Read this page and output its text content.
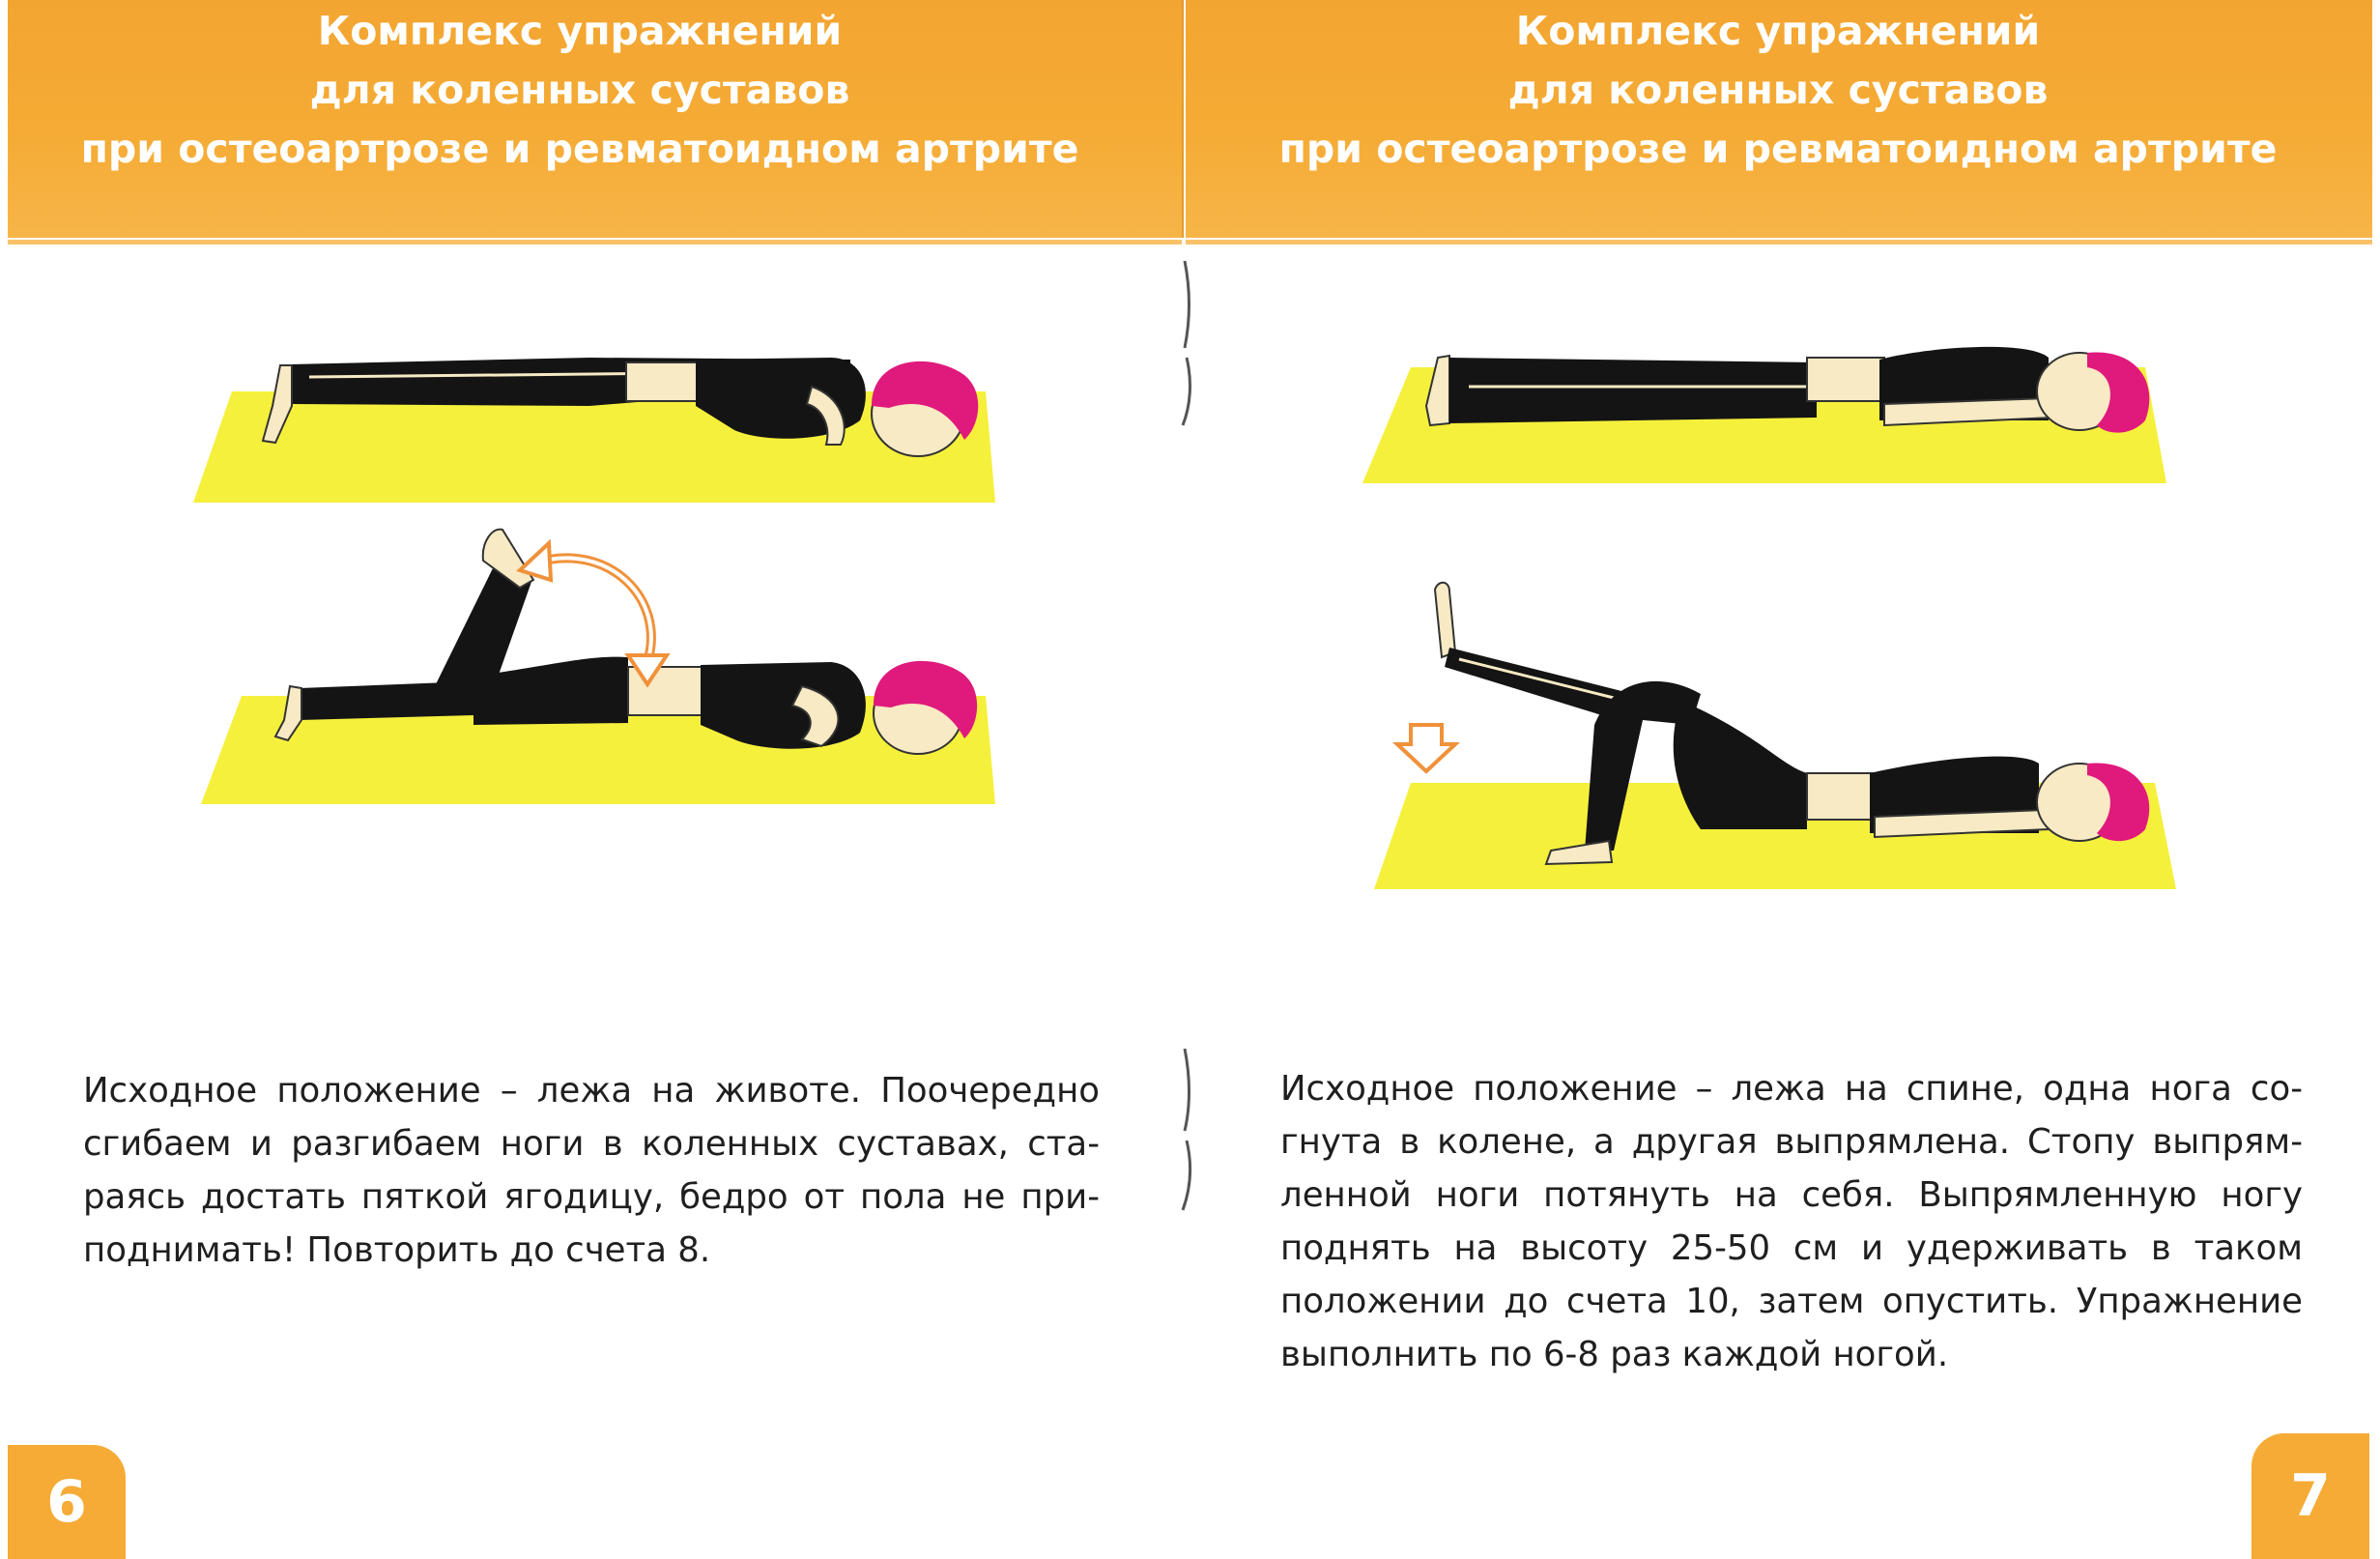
Комплекс упражнений
для коленных суставов
при остеоартрозе и ревматоидном артрите
Комплекс упражнений
для коленных суставов
при остеоартрозе и ревматоидном артрите

Исходное положение – лежа на животе. Поочередно сгибаем и разгибаем ноги в коленных суставах, стараясь достать пяткой ягодицу, бедро от пола не приподнимать! Повторить до счета 8.

Исходное положение – лежа на спине, одна нога согнута в колене, а другая выпрямлена. Стопу выпрямленной ноги потянуть на себя. Выпрямленную ногу поднять на высоту 25-50 см и удерживать в таком положении до счета 10, затем опустить. Упражнение выполнить по 6-8 раз каждой ногой.

6	7
